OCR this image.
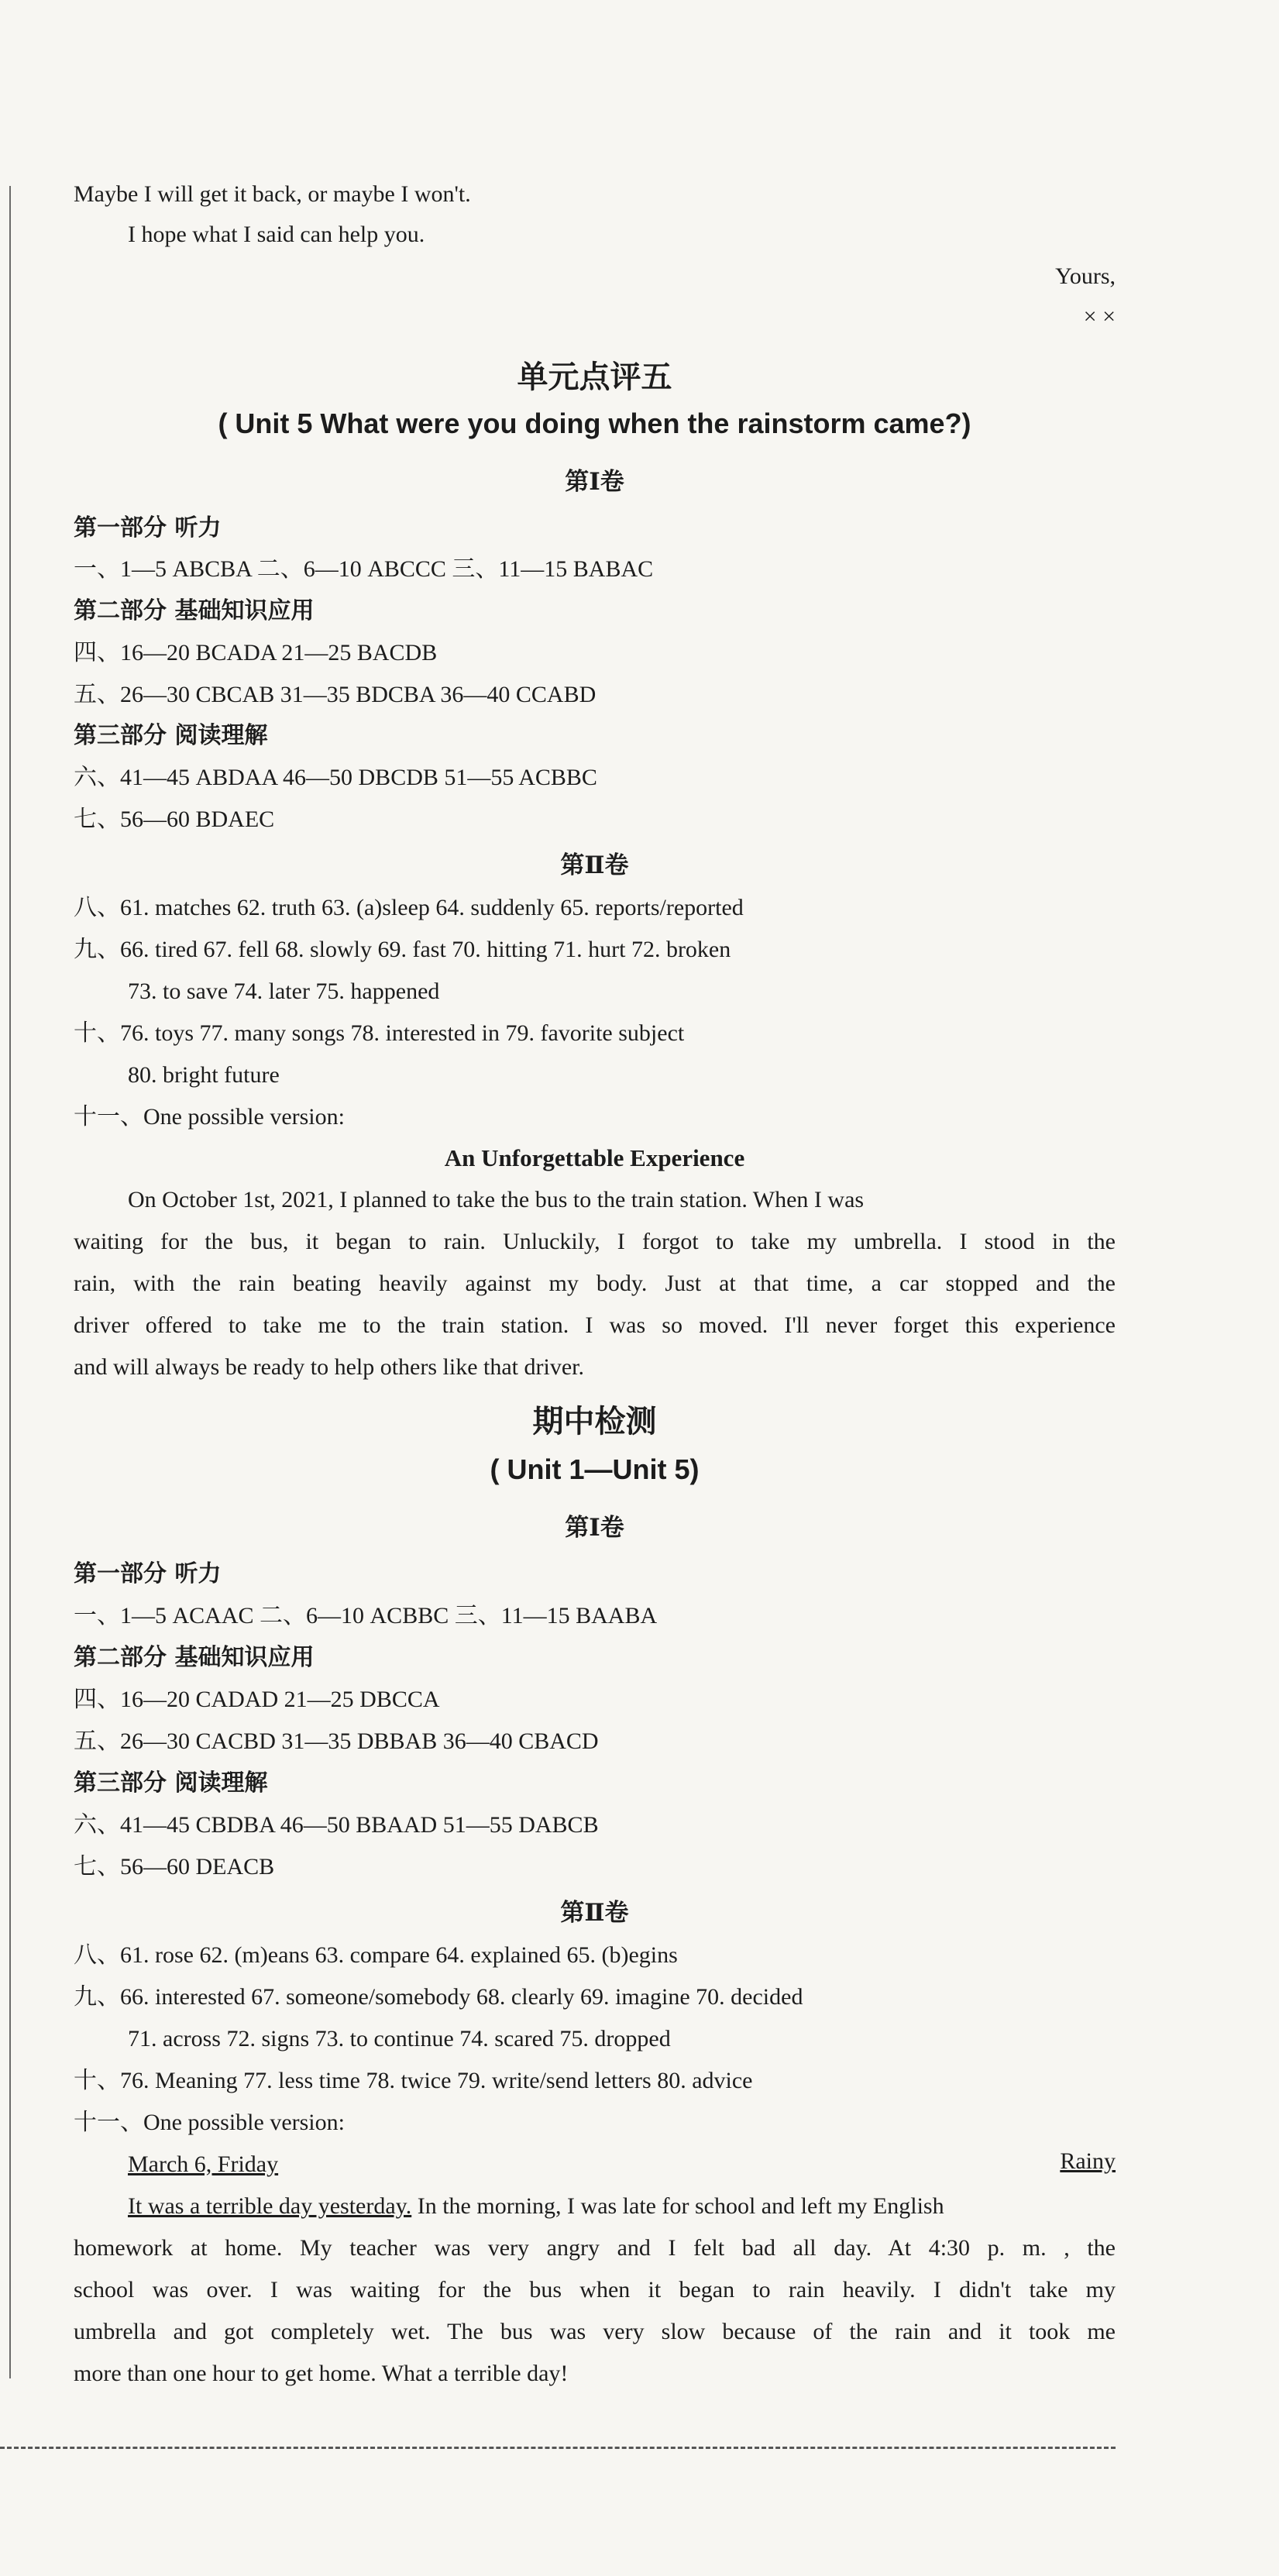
Maybe I will get it back, or maybe I won't.
I hope what I said can help you.
Yours,
× ×
单元点评五
( Unit 5 What were you doing when the rainstorm came?)
第Ⅰ卷
第一部分 听力
一、1—5 ABCBA 二、6—10 ABCCC 三、11—15 BABAC
第二部分 基础知识应用
四、16—20 BCADA 21—25 BACDB
五、26—30 CBCAB 31—35 BDCBA 36—40 CCABD
第三部分 阅读理解
六、41—45 ABDAA 46—50 DBCDB 51—55 ACBBC
七、56—60 BDAEC
第Ⅱ卷
八、61. matches 62. truth 63. (a)sleep 64. suddenly 65. reports/reported
九、66. tired 67. fell 68. slowly 69. fast 70. hitting 71. hurt 72. broken
73. to save 74. later 75. happened
十、76. toys 77. many songs 78. interested in 79. favorite subject
80. bright future
十一、One possible version:
An Unforgettable Experience
On October 1st, 2021, I planned to take the bus to the train station. When I was
waiting for the bus, it began to rain. Unluckily, I forgot to take my umbrella. I stood in the
rain, with the rain beating heavily against my body. Just at that time, a car stopped and the
driver offered to take me to the train station. I was so moved. I'll never forget this experience
and will always be ready to help others like that driver.
期中检测
( Unit 1—Unit 5)
第Ⅰ卷
第一部分 听力
一、1—5 ACAAC 二、6—10 ACBBC 三、11—15 BAABA
第二部分 基础知识应用
四、16—20 CADAD 21—25 DBCCA
五、26—30 CACBD 31—35 DBBAB 36—40 CBACD
第三部分 阅读理解
六、41—45 CBDBA 46—50 BBAAD 51—55 DABCB
七、56—60 DEACB
第Ⅱ卷
八、61. rose 62. (m)eans 63. compare 64. explained 65. (b)egins
九、66. interested 67. someone/somebody 68. clearly 69. imagine 70. decided
71. across 72. signs 73. to continue 74. scared 75. dropped
十、76. Meaning 77. less time 78. twice 79. write/send letters 80. advice
十一、One possible version:
March 6, Friday	Rainy
It was a terrible day yesterday. In the morning, I was late for school and left my English
homework at home. My teacher was very angry and I felt bad all day. At 4:30 p. m. , the
school was over. I was waiting for the bus when it began to rain heavily. I didn't take my
umbrella and got completely wet. The bus was very slow because of the rain and it took me
more than one hour to get home. What a terrible day!
